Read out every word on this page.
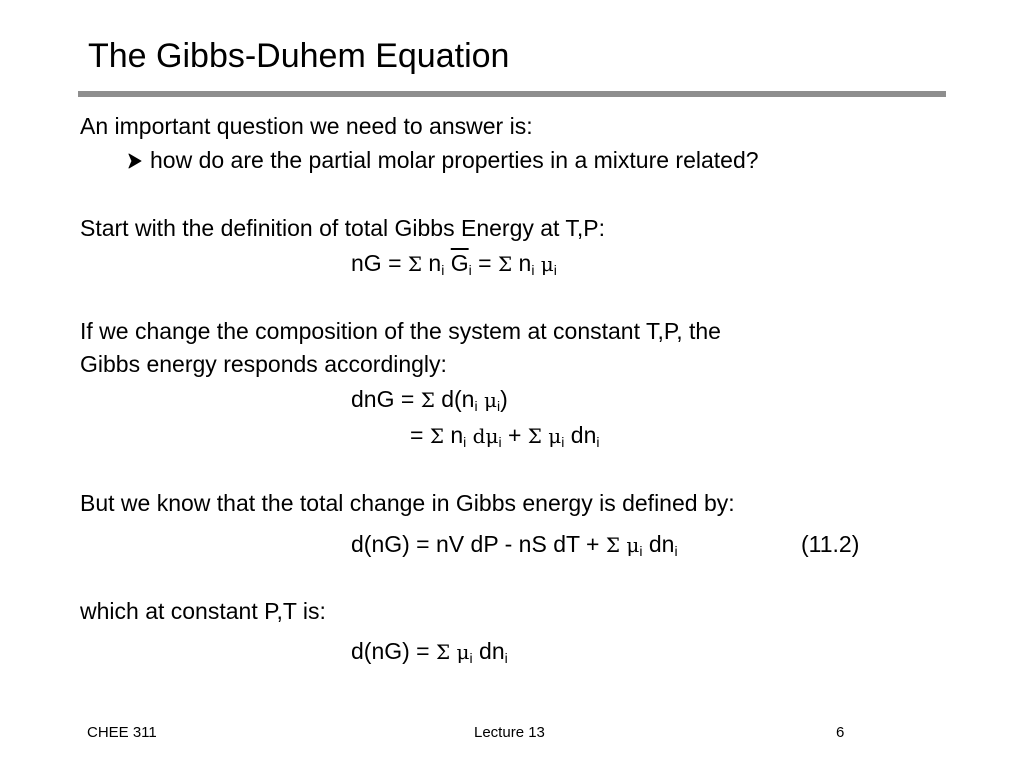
The Gibbs-Duhem Equation
An important question we need to answer is:
how do are the partial molar properties in a mixture related?
Start with the definition of total Gibbs Energy at T,P:
nG = Σ $n_i$ $\overline{G}_i = \Sigma$ $n_i$ $\mu_i$
If we change the composition of the system at constant T,P, the
Gibbs energy responds accordingly:
dnG = Σ $d(n_i$ $\mu_i$)
= Σ $n_i$ $d\mu_i + \Sigma$ $\mu_i$ $dn_i$
But we know that the total change in Gibbs energy is defined by:
d(nG) = nV dP - nS dT + Σ $\mu_i$ $dn_i$	(11.2)
which at constant P,T is:
d(nG) = Σ $\mu_i$ $dn_i$
CHEE 311	Lecture 13	6
